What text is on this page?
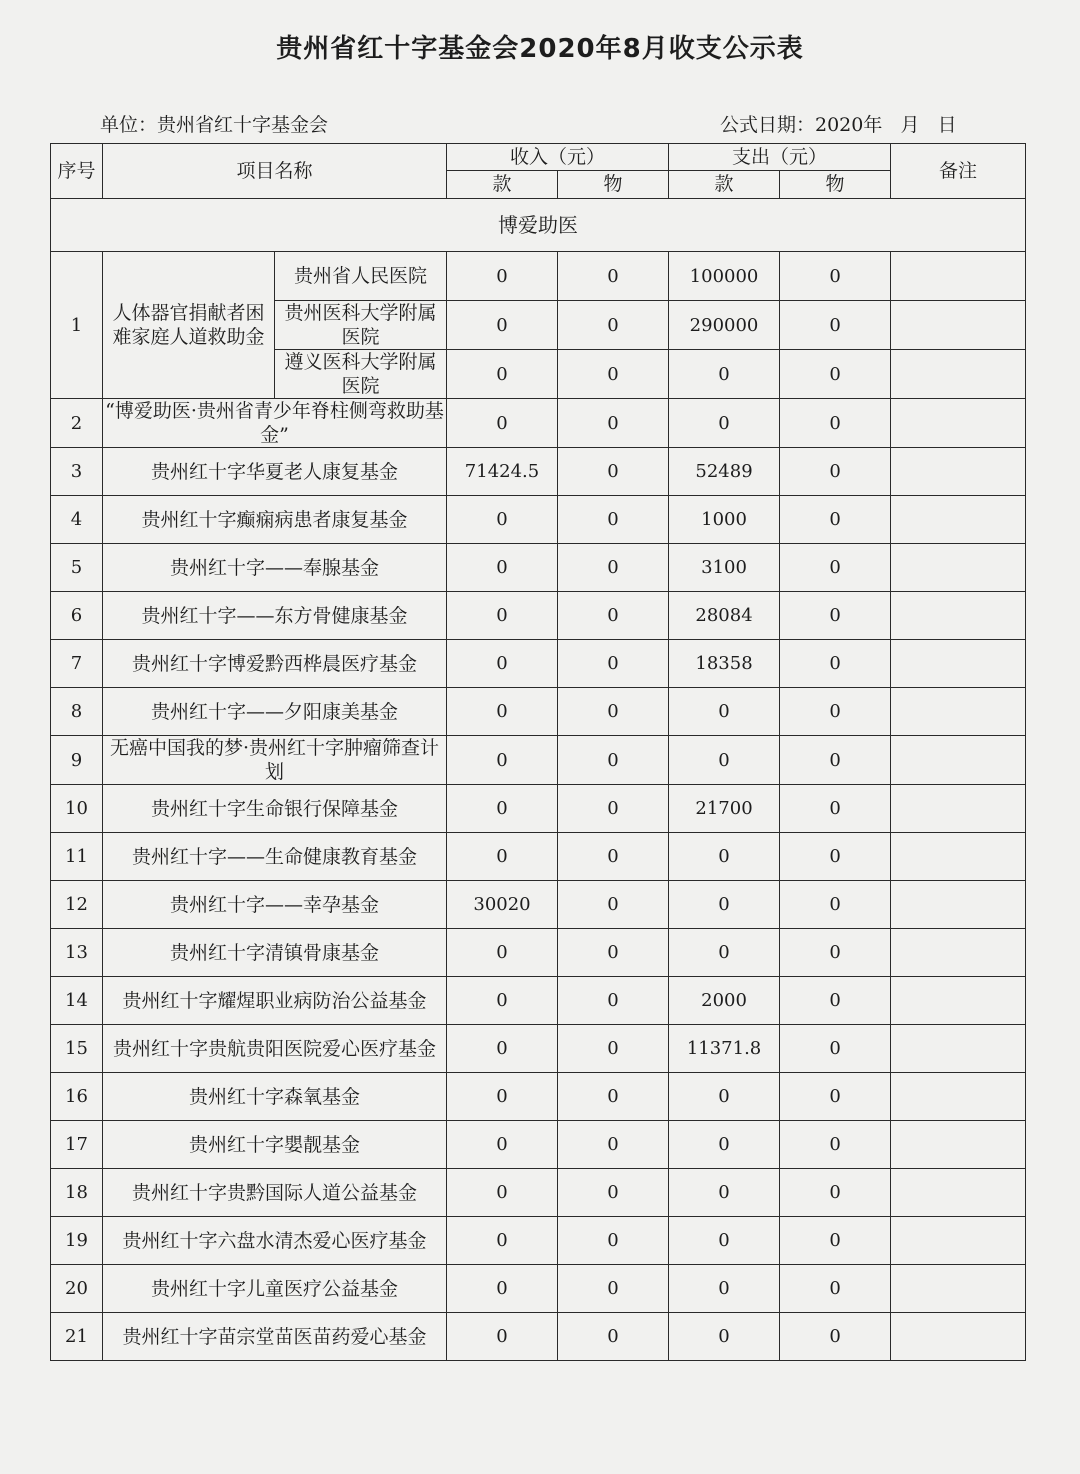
贵州省红十字基金会2020年8月收支公示表
单位：贵州省红十字基金会	公式日期：2020年   月   日
序号	项目名称		收入（元）		支出（元）		备注
			款	物	款	物	
博爱助医							
1	人体器官捐献者困难家庭人道救助金	贵州省人民医院	0	0	100000	0	
		贵州医科大学附属医院	0	0	290000	0	
		遵义医科大学附属医院	0	0	0	0	
2	“博爱助医·贵州省青少年脊柱侧弯救助基金”		0	0	0	0	
3	贵州红十字华夏老人康复基金		71424.5	0	52489	0	
4	贵州红十字癫痫病患者康复基金		0	0	1000	0	
5	贵州红十字——奉腺基金		0	0	3100	0	
6	贵州红十字——东方骨健康基金		0	0	28084	0	
7	贵州红十字博爱黔西桦晨医疗基金		0	0	18358	0	
8	贵州红十字——夕阳康美基金		0	0	0	0	
9	无癌中国我的梦·贵州红十字肿瘤筛查计划		0	0	0	0	
10	贵州红十字生命银行保障基金		0	0	21700	0	
11	贵州红十字——生命健康教育基金		0	0	0	0	
12	贵州红十字——幸孕基金		30020	0	0	0	
13	贵州红十字清镇骨康基金		0	0	0	0	
14	贵州红十字耀煋职业病防治公益基金		0	0	2000	0	
15	贵州红十字贵航贵阳医院爱心医疗基金		0	0	11371.8	0	
16	贵州红十字森氧基金		0	0	0	0	
17	贵州红十字嬰靓基金		0	0	0	0	
18	贵州红十字贵黔国际人道公益基金		0	0	0	0	
19	贵州红十字六盘水清杰爱心医疗基金		0	0	0	0	
20	贵州红十字儿童医疗公益基金		0	0	0	0	
21	贵州红十字苗宗堂苗医苗药爱心基金		0	0	0	0	
